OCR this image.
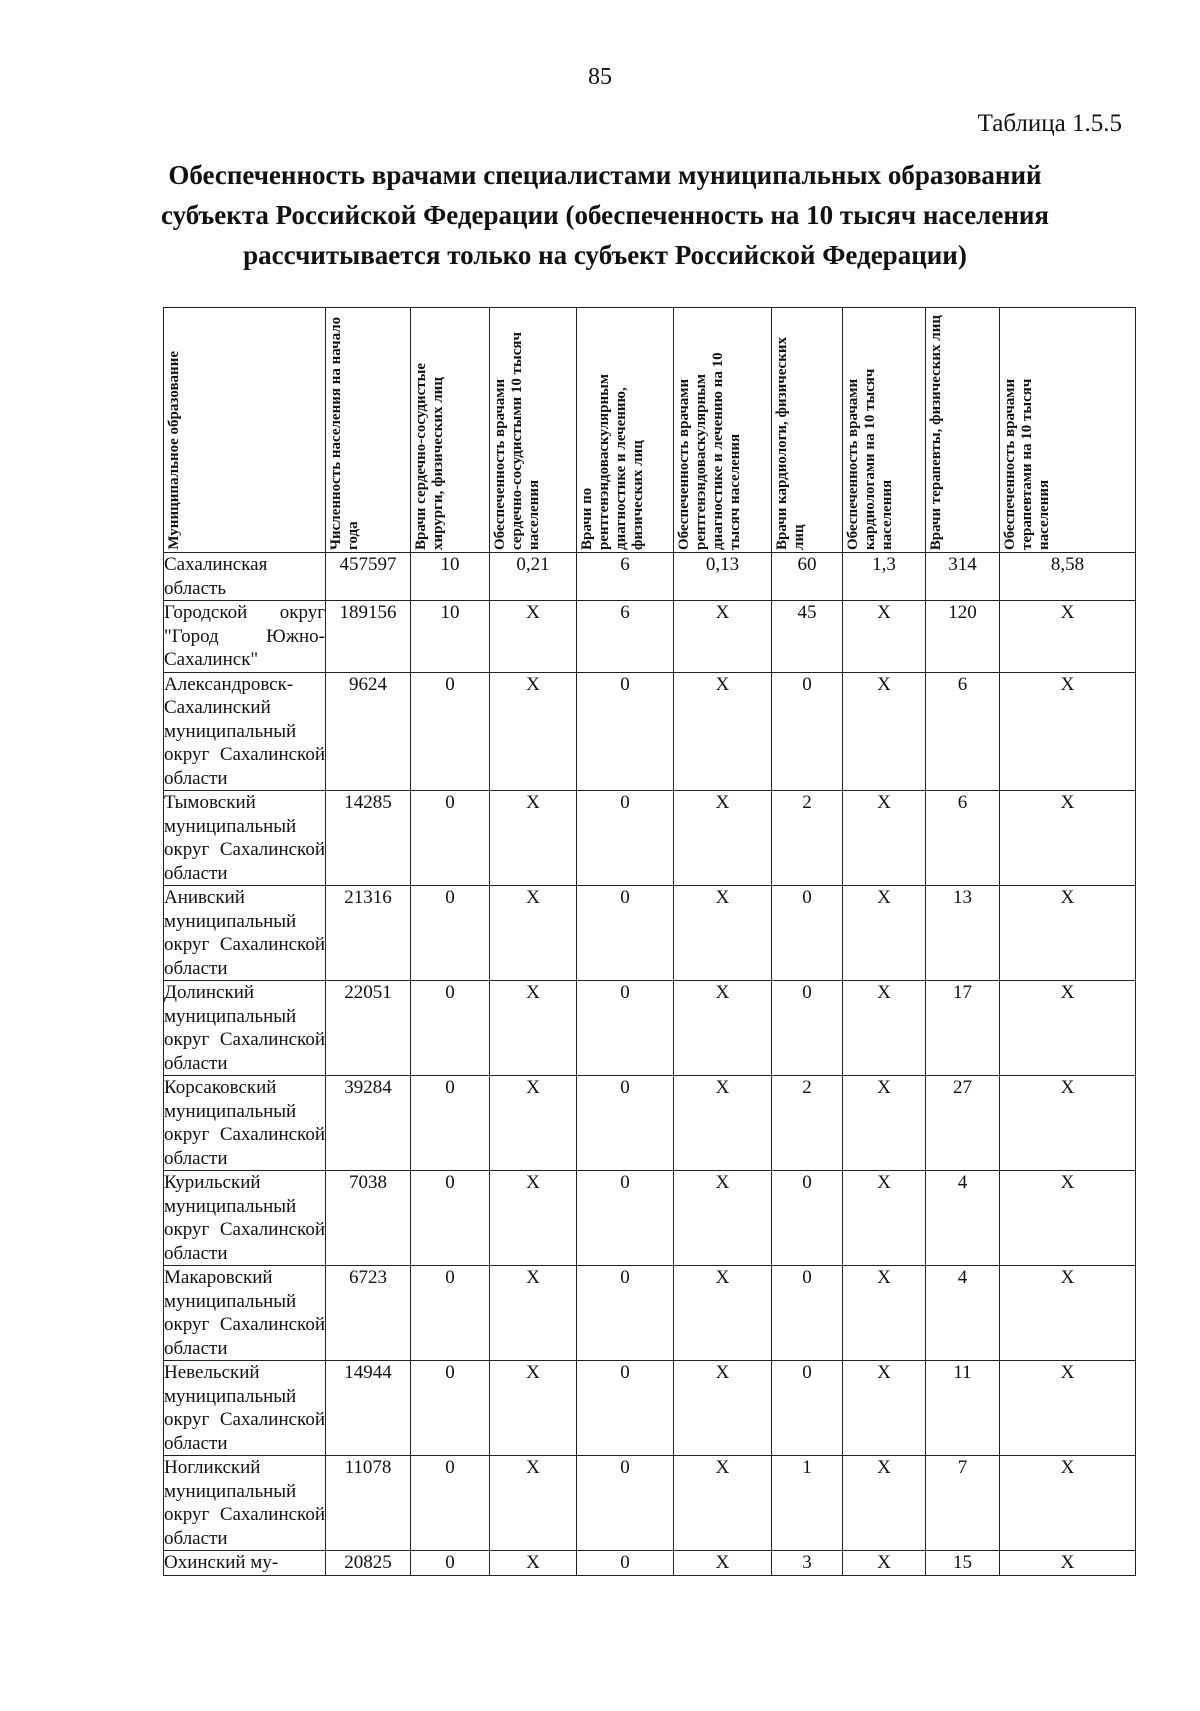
85
Таблица 1.5.5
Обеспеченность врачами специалистами муниципальных образований
субъекта Российской Федерации (обеспеченность на 10 тысяч населения
рассчитывается только на субъект Российской Федерации)
Муниципальное образование	Численность населения на начало года	Врачи сердечно-сосудистые хирурги, физических лиц	Обеспеченность врачами сердечно-сосудистыми 10 тысяч населения	Врачи по рентгенэндоваскулярным диагностике и лечению, физических лиц	Обеспеченность врачами рентгенэндоваскулярным диагностике и лечению на 10 тысяч населения	Врачи кардиологи, физических лиц	Обеспеченность врачами кардиологами на 10 тысяч населения	Врачи терапевты, физических лиц	Обеспеченность врачами терапевтами на 10 тысяч населения

Сахалинская область	457597	10	0,21	6	0,13	60	1,3	314	8,58
Городской округ "Город Южно-Сахалинск"	189156	10	X	6	X	45	X	120	X
Александровск-Сахалинский муниципальный округ Сахалинской области	9624	0	X	0	X	0	X	6	X
Тымовский муниципальный округ Сахалинской области	14285	0	X	0	X	2	X	6	X
Анивский муниципальный округ Сахалинской области	21316	0	X	0	X	0	X	13	X
Долинский муниципальный округ Сахалинской области	22051	0	X	0	X	0	X	17	X
Корсаковский муниципальный округ Сахалинской области	39284	0	X	0	X	2	X	27	X
Курильский муниципальный округ Сахалинской области	7038	0	X	0	X	0	X	4	X
Макаровский муниципальный округ Сахалинской области	6723	0	X	0	X	0	X	4	X
Невельский муниципальный округ Сахалинской области	14944	0	X	0	X	0	X	11	X
Ногликский муниципальный округ Сахалинской области	11078	0	X	0	X	1	X	7	X
Охинский му-	20825	0	X	0	X	3	X	15	X
